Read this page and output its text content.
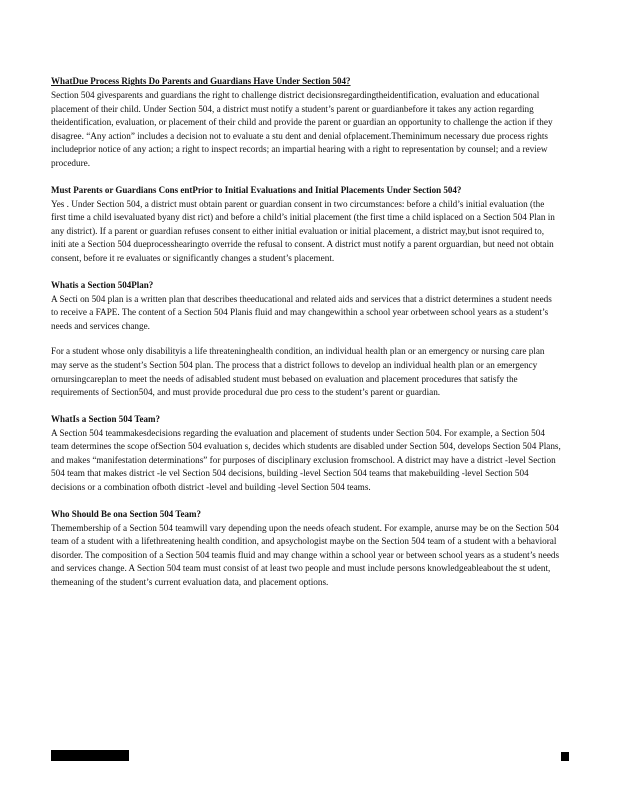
WhatDue Process Rights Do Parents and Guardians Have Under Section 504?
Section 504 givesparents and guardians the right to challenge district decisionsregardingtheidentification, evaluation and educational placement of their child. Under Section 504, a district must notify a student’s parent or guardianbefore it takes any action regarding theidentification, evaluation, or placement of their child and provide the parent or guardian an opportunity to challenge the action if they disagree. “Any action” includes a decision not to evaluate a stu dent and denial ofplacement.Theminimum necessary due process rights includeprior notice of any action; a right to inspect records; an impartial hearing with a right to representation by counsel; and a review procedure.
Must Parents or Guardians Cons entPrior to Initial Evaluations and Initial Placements Under Section 504?
Yes . Under Section 504, a district must obtain parent or guardian consent in two circumstances: before a child’s initial evaluation (the first time a child isevaluated byany dist rict) and before a child’s initial placement (the first time a child isplaced on a Section 504 Plan in any district). If a parent or guardian refuses consent to either initial evaluation or initial placement, a district may,but isnot required to, initi ate a Section 504 dueprocesshearingto override the refusal to consent. A district must notify a parent orguardian, but need not obtain consent, before it re evaluates or significantly changes a student’s placement.
Whatis a Section 504Plan?
A Secti on 504 plan is a written plan that describes theeducational and related aids and services that a district determines a student needs to receive a FAPE. The content of a Section 504 Planis fluid and may changewithin a school year orbetween school years as a student’s needs and services change.
For a student whose only disabilityis a life threateninghealth condition, an individual health plan or an emergency or nursing care plan may serve as the student’s Section 504 plan. The process that a district follows to develop an individual health plan or an emergency ornursingcareplan to meet the needs of adisabled student must bebased on evaluation and placement procedures that satisfy the requirements of Section504, and must provide procedural due pro cess to the student’s parent or guardian.
WhatIs a Section 504 Team?
A Section 504 teammakesdecisions regarding the evaluation and placement of students under Section 504. For example, a Section 504 team determines the scope ofSection 504 evaluation s, decides which students are disabled under Section 504, develops Section 504 Plans, and makes “manifestation determinations” for purposes of disciplinary exclusion fromschool. A district may have a district -level Section 504 team that makes district -le vel Section 504 decisions, building -level Section 504 teams that makebuilding -level Section 504 decisions or a combination ofboth district -level and building -level Section 504 teams.
Who Should Be ona Section 504 Team?
Themembership of a Section 504 teamwill vary depending upon the needs ofeach student. For example, anurse may be on the Section 504 team of a student with a lifethreatening health condition, and apsychologist maybe on the Section 504 team of a student with a behavioral disorder. The composition of a Section 504 teamis fluid and may change within a school year or between school years as a student’s needs and services change. A Section 504 team must consist of at least two people and must include persons knowledgeableabout the st udent, themeaning of the student’s current evaluation data, and placement options.
